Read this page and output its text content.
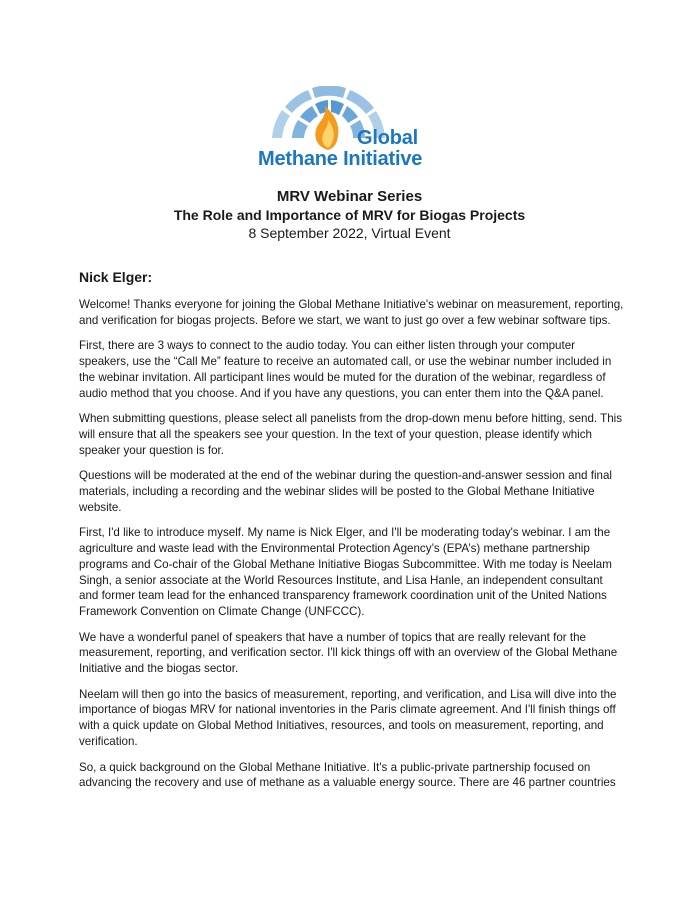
Global
Methane Initiative
MRV Webinar Series
The Role and Importance of MRV for Biogas Projects
8 September 2022, Virtual Event
Nick Elger:

Welcome! Thanks everyone for joining the Global Methane Initiative's webinar on measurement, reporting, and verification for biogas projects. Before we start, we want to just go over a few webinar software tips.

First, there are 3 ways to connect to the audio today. You can either listen through your computer speakers, use the “Call Me” feature to receive an automated call, or use the webinar number included in the webinar invitation. All participant lines would be muted for the duration of the webinar, regardless of audio method that you choose. And if you have any questions, you can enter them into the Q&A panel.

When submitting questions, please select all panelists from the drop-down menu before hitting, send. This will ensure that all the speakers see your question. In the text of your question, please identify which speaker your question is for.

Questions will be moderated at the end of the webinar during the question-and-answer session and final materials, including a recording and the webinar slides will be posted to the Global Methane Initiative website.

First, I'd like to introduce myself. My name is Nick Elger, and I'll be moderating today's webinar. I am the agriculture and waste lead with the Environmental Protection Agency’s (EPA’s) methane partnership programs and Co-chair of the Global Methane Initiative Biogas Subcommittee. With me today is Neelam Singh, a senior associate at the World Resources Institute, and Lisa Hanle, an independent consultant and former team lead for the enhanced transparency framework coordination unit of the United Nations Framework Convention on Climate Change (UNFCCC).

We have a wonderful panel of speakers that have a number of topics that are really relevant for the measurement, reporting, and verification sector. I'll kick things off with an overview of the Global Methane Initiative and the biogas sector.

Neelam will then go into the basics of measurement, reporting, and verification, and Lisa will dive into the importance of biogas MRV for national inventories in the Paris climate agreement. And I'll finish things off with a quick update on Global Method Initiatives, resources, and tools on measurement, reporting, and verification.

So, a quick background on the Global Methane Initiative. It's a public-private partnership focused on advancing the recovery and use of methane as a valuable energy source. There are 46 partner countries
